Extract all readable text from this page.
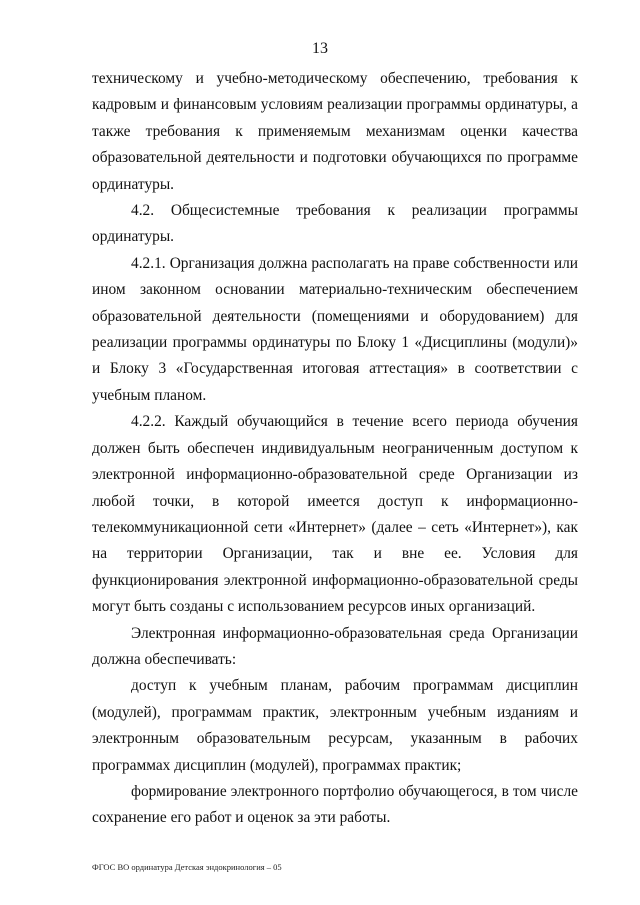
13

техническому и учебно-методическому обеспечению, требования к кадровым и финансовым условиям реализации программы ординатуры, а также требования к применяемым механизмам оценки качества образовательной деятельности и подготовки обучающихся по программе ординатуры.

4.2. Общесистемные требования к реализации программы ординатуры.

4.2.1. Организация должна располагать на праве собственности или ином законном основании материально-техническим обеспечением образовательной деятельности (помещениями и оборудованием) для реализации программы ординатуры по Блоку 1 «Дисциплины (модули)» и Блоку 3 «Государственная итоговая аттестация» в соответствии с учебным планом.

4.2.2. Каждый обучающийся в течение всего периода обучения должен быть обеспечен индивидуальным неограниченным доступом к электронной информационно-образовательной среде Организации из любой точки, в которой имеется доступ к информационно-телекоммуникационной сети «Интернет» (далее – сеть «Интернет»), как на территории Организации, так и вне ее. Условия для функционирования электронной информационно-образовательной среды могут быть созданы с использованием ресурсов иных организаций.

Электронная информационно-образовательная среда Организации должна обеспечивать:

доступ к учебным планам, рабочим программам дисциплин (модулей), программам практик, электронным учебным изданиям и электронным образовательным ресурсам, указанным в рабочих программах дисциплин (модулей), программах практик;

формирование электронного портфолио обучающегося, в том числе сохранение его работ и оценок за эти работы.

ФГОС ВО ординатура Детская эндокринология – 05
